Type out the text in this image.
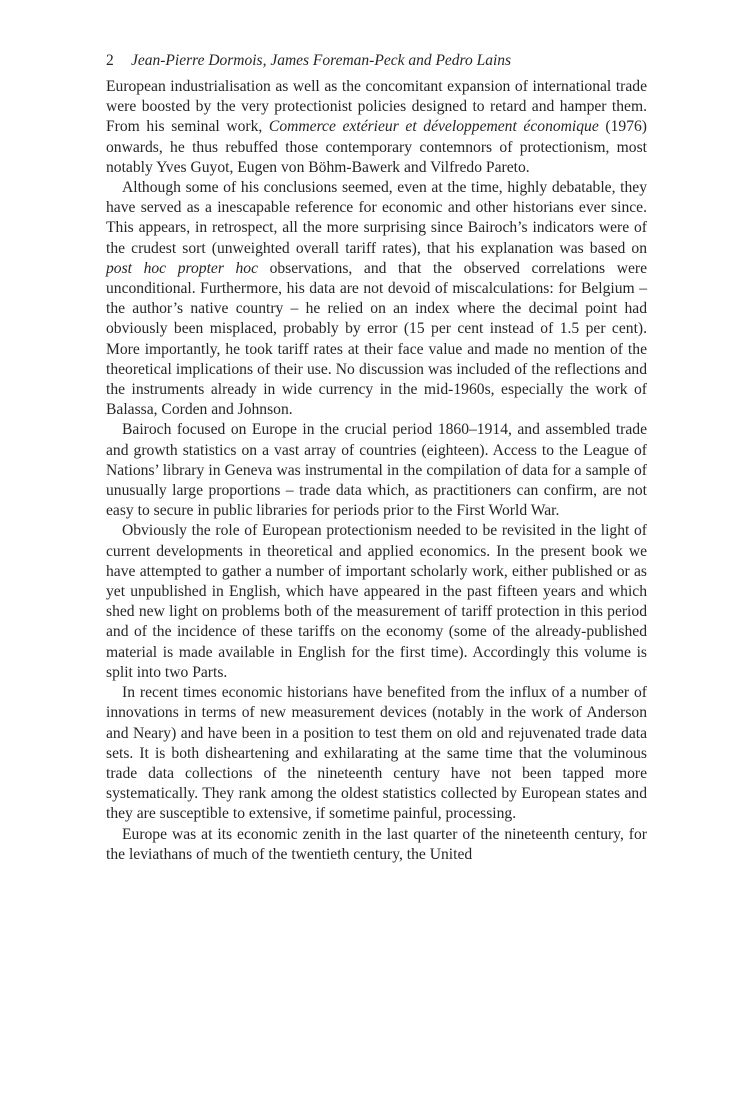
2 Jean-Pierre Dormois, James Foreman-Peck and Pedro Lains

European industrialisation as well as the concomitant expansion of international trade were boosted by the very protectionist policies designed to retard and hamper them. From his seminal work, Commerce extérieur et développement économique (1976) onwards, he thus rebuffed those contemporary contemnors of protectionism, most notably Yves Guyot, Eugen von Böhm-Bawerk and Vilfredo Pareto.

Although some of his conclusions seemed, even at the time, highly debatable, they have served as a inescapable reference for economic and other historians ever since. This appears, in retrospect, all the more surprising since Bairoch’s indicators were of the crudest sort (unweighted overall tariff rates), that his explanation was based on post hoc propter hoc observations, and that the observed correlations were unconditional. Furthermore, his data are not devoid of miscalculations: for Belgium – the author’s native country – he relied on an index where the decimal point had obviously been misplaced, probably by error (15 per cent instead of 1.5 per cent). More importantly, he took tariff rates at their face value and made no mention of the theoretical implications of their use. No discussion was included of the reflections and the instruments already in wide currency in the mid-1960s, especially the work of Balassa, Corden and Johnson.

Bairoch focused on Europe in the crucial period 1860–1914, and assembled trade and growth statistics on a vast array of countries (eighteen). Access to the League of Nations’ library in Geneva was instrumental in the compilation of data for a sample of unusually large proportions – trade data which, as practitioners can confirm, are not easy to secure in public libraries for periods prior to the First World War.

Obviously the role of European protectionism needed to be revisited in the light of current developments in theoretical and applied economics. In the present book we have attempted to gather a number of important scholarly work, either published or as yet unpublished in English, which have appeared in the past fifteen years and which shed new light on problems both of the measurement of tariff protection in this period and of the incidence of these tariffs on the economy (some of the already-published material is made available in English for the first time). Accordingly this volume is split into two Parts.

In recent times economic historians have benefited from the influx of a number of innovations in terms of new measurement devices (notably in the work of Anderson and Neary) and have been in a position to test them on old and rejuvenated trade data sets. It is both disheartening and exhilarating at the same time that the voluminous trade data collections of the nineteenth century have not been tapped more systematically. They rank among the oldest statistics collected by European states and they are susceptible to extensive, if sometime painful, processing.

Europe was at its economic zenith in the last quarter of the nineteenth century, for the leviathans of much of the twentieth century, the United
